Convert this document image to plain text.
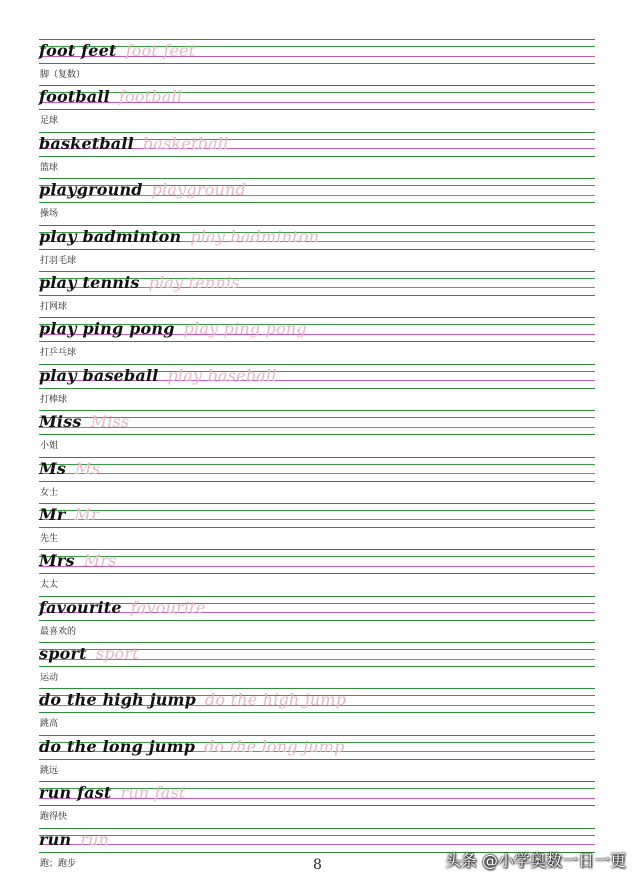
foot feet foot feet
脚（复数）
football football
足球
basketball basketball
篮球
playground playground
操场
play badminton play badminton
打羽毛球
play tennis play tennis
打网球
play ping pong play ping pong
打乒乓球
play baseball play baseball
打棒球
Miss Miss
小姐
Ms Ms
女士
Mr Mr
先生
Mrs Mrs
太太
favourite favourite
最喜欢的
sport sport
运动
do the high jump do the high jump
跳高
do the long jump do the long jump
跳远
run fast run fast
跑得快
run run
跑；跑步	8	头条 @小学奥数一日一更
